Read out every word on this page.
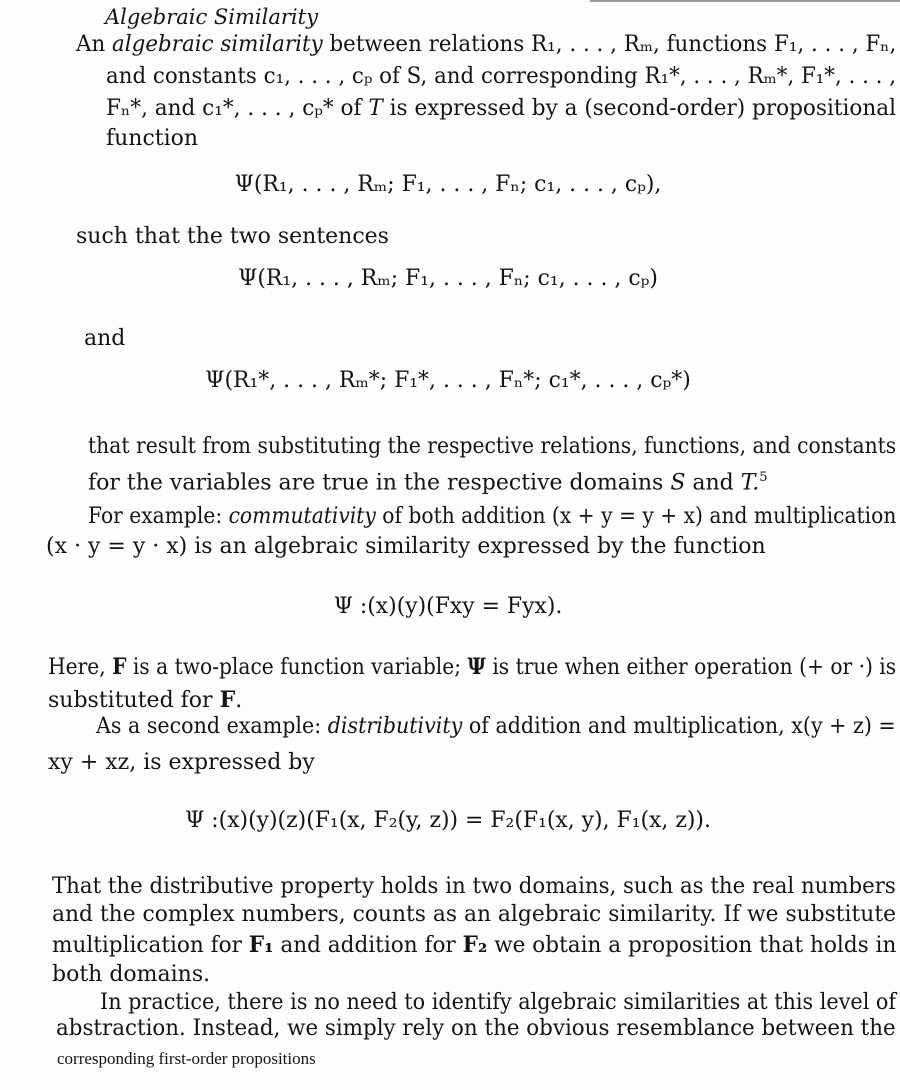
Algebraic Similarity
An algebraic similarity between relations R₁, . . . , Rₘ, functions F₁, . . . , Fₙ,
and constants c₁, . . . , cₚ of S, and corresponding R₁*, . . . , Rₘ*, F₁*, . . . ,
Fₙ*, and c₁*, . . . , cₚ* of T is expressed by a (second-order) propositional
function
Ψ(R₁, . . . , Rₘ; F₁, . . . , Fₙ; c₁, . . . , cₚ),
such that the two sentences
Ψ(R₁, . . . , Rₘ; F₁, . . . , Fₙ; c₁, . . . , cₚ)
and
Ψ(R₁*, . . . , Rₘ*; F₁*, . . . , Fₙ*; c₁*, . . . , cₚ*)
that result from substituting the respective relations, functions, and constants
for the variables are true in the respective domains S and T.$^5$
For example: commutativity of both addition (x + y = y + x) and multiplication
(x · y = y · x) is an algebraic similarity expressed by the function
Ψ :(x)(y)(Fxy = Fyx).
Here, F is a two-place function variable; Ψ is true when either operation (+ or ·) is
substituted for F.
As a second example: distributivity of addition and multiplication, x(y + z) =
xy + xz, is expressed by
Ψ :(x)(y)(z)(F₁(x, F₂(y, z)) = F₂(F₁(x, y), F₁(x, z)).
That the distributive property holds in two domains, such as the real numbers
and the complex numbers, counts as an algebraic similarity. If we substitute
multiplication for F₁ and addition for F₂ we obtain a proposition that holds in
both domains.
In practice, there is no need to identify algebraic similarities at this level of
abstraction. Instead, we simply rely on the obvious resemblance between the
corresponding first-order propositions
